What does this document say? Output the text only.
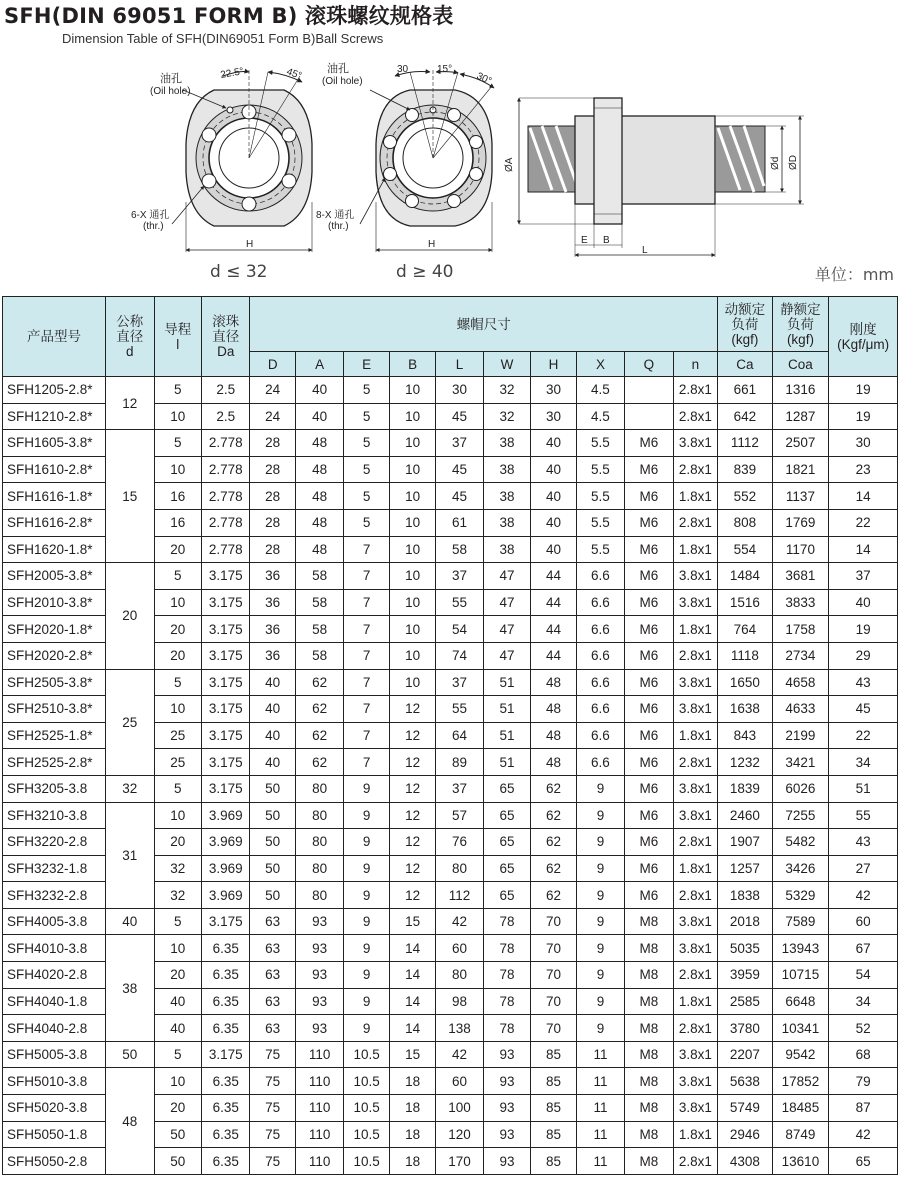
SFH(DIN 69051 FORM B) 滚珠螺纹规格表
Dimension Table of SFH(DIN69051 Form B)Ball Screws
油孔
(Oil hole)
22.5°	45°
6-X 通孔
(thr.)
H
油孔
(Oil hole)
30	15°
30°
8-X 通孔
(thr.)
H
ØA	Ød ØD
E B
L
d ≤ 32	d ≥ 40	单位：mm
产品型号	公称
直径
d	导程
l	滚珠
直径
Da	螺帽尺寸										动额定
负荷
(kgf)	静额定
负荷
(kgf)	刚度
(Kgf/μm)
				D	A	E	B	L	W	H	X	Q	n	Ca	Coa	
SFH1205-2.8*	12	5	2.5	24	40	5	10	30	32	30	4.5		2.8x1	661	1316	19
SFH1210-2.8*		10	2.5	24	40	5	10	45	32	30	4.5		2.8x1	642	1287	19
SFH1605-3.8*	15	5	2.778	28	48	5	10	37	38	40	5.5	M6	3.8x1	1112	2507	30
SFH1610-2.8*		10	2.778	28	48	5	10	45	38	40	5.5	M6	2.8x1	839	1821	23
SFH1616-1.8*		16	2.778	28	48	5	10	45	38	40	5.5	M6	1.8x1	552	1137	14
SFH1616-2.8*		16	2.778	28	48	5	10	61	38	40	5.5	M6	2.8x1	808	1769	22
SFH1620-1.8*		20	2.778	28	48	7	10	58	38	40	5.5	M6	1.8x1	554	1170	14
SFH2005-3.8*	20	5	3.175	36	58	7	10	37	47	44	6.6	M6	3.8x1	1484	3681	37
SFH2010-3.8*		10	3.175	36	58	7	10	55	47	44	6.6	M6	3.8x1	1516	3833	40
SFH2020-1.8*		20	3.175	36	58	7	10	54	47	44	6.6	M6	1.8x1	764	1758	19
SFH2020-2.8*		20	3.175	36	58	7	10	74	47	44	6.6	M6	2.8x1	1118	2734	29
SFH2505-3.8*	25	5	3.175	40	62	7	10	37	51	48	6.6	M6	3.8x1	1650	4658	43
SFH2510-3.8*		10	3.175	40	62	7	12	55	51	48	6.6	M6	3.8x1	1638	4633	45
SFH2525-1.8*		25	3.175	40	62	7	12	64	51	48	6.6	M6	1.8x1	843	2199	22
SFH2525-2.8*		25	3.175	40	62	7	12	89	51	48	6.6	M6	2.8x1	1232	3421	34
SFH3205-3.8	32	5	3.175	50	80	9	12	37	65	62	9	M6	3.8x1	1839	6026	51
SFH3210-3.8	31	10	3.969	50	80	9	12	57	65	62	9	M6	3.8x1	2460	7255	55
SFH3220-2.8		20	3.969	50	80	9	12	76	65	62	9	M6	2.8x1	1907	5482	43
SFH3232-1.8		32	3.969	50	80	9	12	80	65	62	9	M6	1.8x1	1257	3426	27
SFH3232-2.8		32	3.969	50	80	9	12	112	65	62	9	M6	2.8x1	1838	5329	42
SFH4005-3.8	40	5	3.175	63	93	9	15	42	78	70	9	M8	3.8x1	2018	7589	60
SFH4010-3.8	38	10	6.35	63	93	9	14	60	78	70	9	M8	3.8x1	5035	13943	67
SFH4020-2.8		20	6.35	63	93	9	14	80	78	70	9	M8	2.8x1	3959	10715	54
SFH4040-1.8		40	6.35	63	93	9	14	98	78	70	9	M8	1.8x1	2585	6648	34
SFH4040-2.8		40	6.35	63	93	9	14	138	78	70	9	M8	2.8x1	3780	10341	52
SFH5005-3.8	50	5	3.175	75	110	10.5	15	42	93	85	11	M8	3.8x1	2207	9542	68
SFH5010-3.8	48	10	6.35	75	110	10.5	18	60	93	85	11	M8	3.8x1	5638	17852	79
SFH5020-3.8		20	6.35	75	110	10.5	18	100	93	85	11	M8	3.8x1	5749	18485	87
SFH5050-1.8		50	6.35	75	110	10.5	18	120	93	85	11	M8	1.8x1	2946	8749	42
SFH5050-2.8		50	6.35	75	110	10.5	18	170	93	85	11	M8	2.8x1	4308	13610	65
